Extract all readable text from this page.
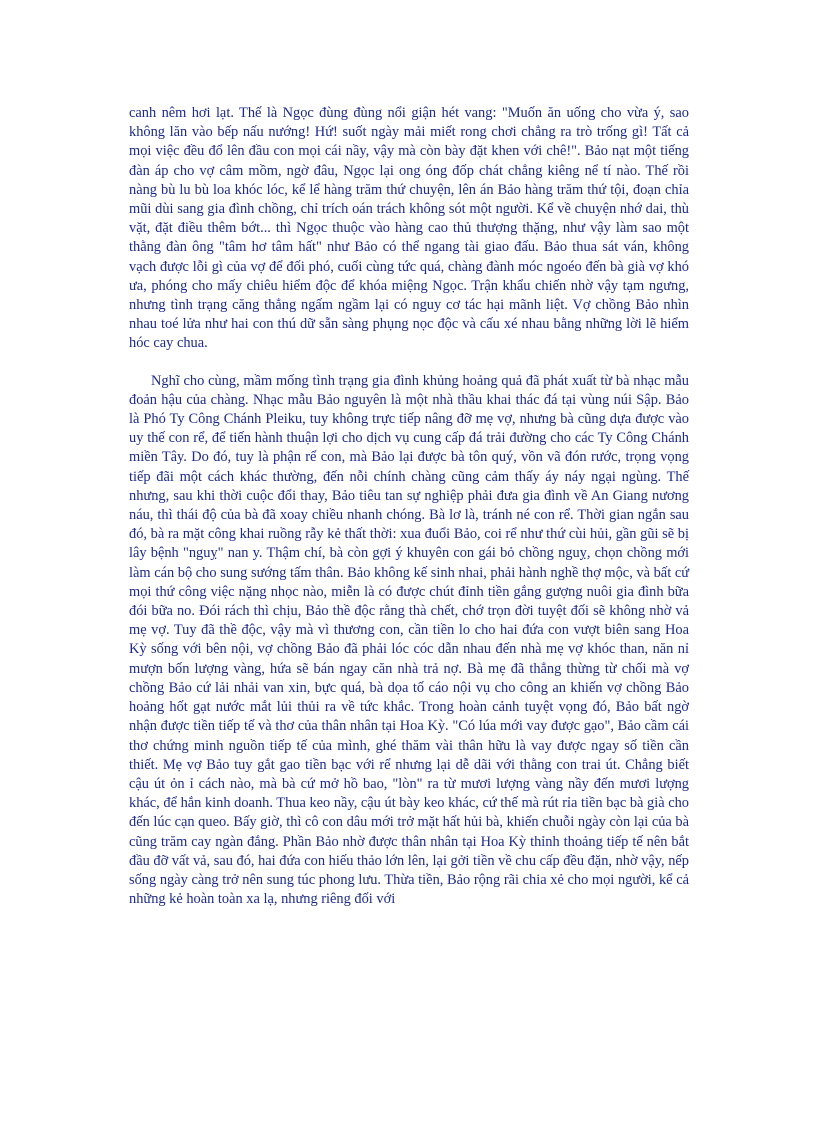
canh nêm hơi lạt. Thế là Ngọc đùng đùng nổi giận hét vang: "Muốn ăn uống cho vừa ý, sao không lăn vào bếp nấu nướng! Hứ! suốt ngày mải miết rong chơi chẳng ra trò trống gì! Tất cả mọi việc đều đổ lên đầu con mọi cái nầy, vậy mà còn bày đặt khen với chê!". Bảo nạt một tiếng đàn áp cho vợ câm mồm, ngờ đâu, Ngọc lại ong óng đốp chát chẳng kiêng nể tí nào. Thế rồi nàng bù lu bù loa khóc lóc, kể lể hàng trăm thứ chuyện, lên án Bảo hàng trăm thứ tội, đoạn chỉa mũi dùi sang gia đình chồng, chỉ trích oán trách không sót một người. Kể về chuyện nhớ dai, thù vặt, đặt điều thêm bớt... thì Ngọc thuộc vào hàng cao thủ thượng thặng, như vậy làm sao một thằng đàn ông "tâm hơ tâm hất" như Bảo có thể ngang tài giao đấu. Bảo thua sát ván, không vạch được lỗi gì của vợ để đối phó, cuối cùng tức quá, chàng đành móc ngoéo đến bà già vợ khó ưa, phóng cho mấy chiêu hiểm độc để khóa miệng Ngọc. Trận khẩu chiến nhờ vậy tạm ngưng, nhưng tình trạng căng thẳng ngấm ngầm lại có nguy cơ tác hại mãnh liệt. Vợ chồng Bảo nhìn nhau toé lửa như hai con thú dữ sẵn sàng phụng nọc độc và cấu xé nhau bằng những lời lẽ hiểm hóc cay chua.

Nghĩ cho cùng, mầm mống tình trạng gia đình khủng hoảng quả đã phát xuất từ bà nhạc mẫu đoản hậu của chàng. Nhạc mẫu Bảo nguyên là một nhà thầu khai thác đá tại vùng núi Sập. Bảo là Phó Ty Công Chánh Pleiku, tuy không trực tiếp nâng đỡ mẹ vợ, nhưng bà cũng dựa được vào uy thế con rể, để tiến hành thuận lợi cho dịch vụ cung cấp đá trải đường cho các Ty Công Chánh miền Tây. Do đó, tuy là phận rể con, mà Bảo lại được bà tôn quý, vồn vã đón rước, trọng vọng tiếp đãi một cách khác thường, đến nỗi chính chàng cũng cảm thấy áy náy ngại ngùng. Thế nhưng, sau khi thời cuộc đổi thay, Bảo tiêu tan sự nghiệp phải đưa gia đình về An Giang nương náu, thì thái độ của bà đã xoay chiều nhanh chóng. Bà lơ là, tránh né con rể. Thời gian ngắn sau đó, bà ra mặt công khai ruồng rẫy kẻ thất thời: xua đuổi Bảo, coi rể như thứ cùi hủi, gần gũi sẽ bị lây bệnh "nguỵ" nan y. Thậm chí, bà còn gợi ý khuyên con gái bỏ chồng nguỵ, chọn chồng mới làm cán bộ cho sung sướng tấm thân. Bảo không kế sinh nhai, phải hành nghề thợ mộc, và bất cứ mọi thứ công việc nặng nhọc nào, miễn là có được chút đỉnh tiền gắng gượng nuôi gia đình bữa đói bữa no. Đói rách thì chịu, Bảo thề độc rằng thà chết, chớ trọn đời tuyệt đối sẽ không nhờ vả mẹ vợ. Tuy đã thề độc, vậy mà vì thương con, cần tiền lo cho hai đứa con vượt biên sang Hoa Kỳ sống với bên nội, vợ chồng Bảo đã phải lóc cóc dẫn nhau đến nhà mẹ vợ khóc than, năn nỉ mượn bốn lượng vàng, hứa sẽ bán ngay căn nhà trả nợ. Bà mẹ đã thẳng thừng từ chối mà vợ chồng Bảo cứ lải nhải van xin, bực quá, bà dọa tố cáo nội vụ cho công an khiến vợ chồng Bảo hoảng hốt gạt nước mắt lủi thủi ra về tức khắc. Trong hoàn cảnh tuyệt vọng đó, Bảo bất ngờ nhận được tiền tiếp tế và thơ của thân nhân tại Hoa Kỳ. "Có lúa mới vay được gạo", Bảo cầm cái thơ chứng minh nguồn tiếp tế của mình, ghé thăm vài thân hữu là vay được ngay số tiền cần thiết. Mẹ vợ Bảo tuy gắt gao tiền bạc với rể nhưng lại dễ dãi với thằng con trai út. Chẳng biết cậu út ỏn ỉ cách nào, mà bà cứ mở hồ bao, "lòn" ra từ mươi lượng vàng nầy đến mươi lượng khác, để hắn kinh doanh. Thua keo nầy, cậu út bày keo khác, cứ thế mà rút rỉa tiền bạc bà già cho đến lúc cạn queo. Bấy giờ, thì cô con dâu mới trở mặt hất hủi bà, khiến chuỗi ngày còn lại của bà cũng trăm cay ngàn đắng. Phần Bảo nhờ được thân nhân tại Hoa Kỳ thỉnh thoảng tiếp tế nên bắt đầu đỡ vất vả, sau đó, hai đứa con hiếu thảo lớn lên, lại gởi tiền về chu cấp đều đặn, nhờ vậy, nếp sống ngày càng trở nên sung túc phong lưu. Thừa tiền, Bảo rộng rãi chia xẻ cho mọi người, kể cả những kẻ hoàn toàn xa lạ, nhưng riêng đối với
